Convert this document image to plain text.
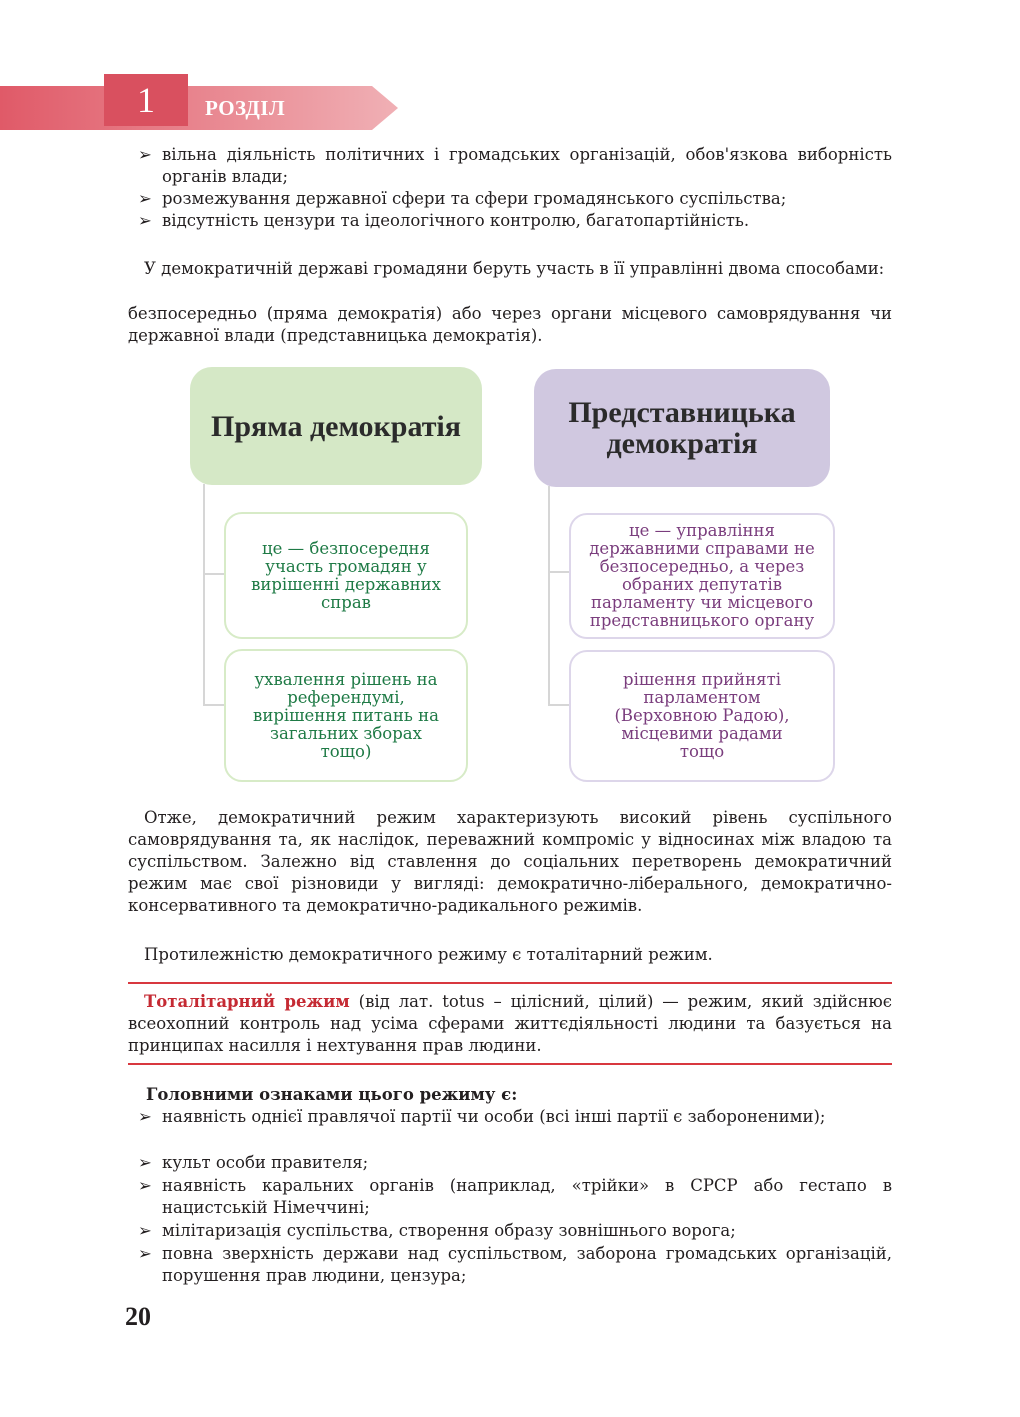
1	РОЗДІЛ
➢ вільна діяльність політичних і громадських організацій, обов'язкова виборність органів влади;
➢ розмежування державної сфери та сфери громадянського суспільства;
➢ відсутність цензури та ідеологічного контролю, багатопартійність.
У демократичній державі громадяни беруть участь в її управлінні двома способами:
безпосередньо (пряма демократія) або через органи місцевого самоврядування чи державної влади (представницька демократія).
Пряма демократія	Представницька демократія
це — безпосередня участь громадян у вирішенні державних справ
ухвалення рішень на референдумі, вирішення питань на загальних зборах тощо)
це — управління державними справами не безпосередньо, а через обраних депутатів парламенту чи місцевого представницького органу
рішення прийняті парламентом (Верховною Радою), місцевими радами тощо
Отже, демократичний режим характеризують високий рівень суспільного самоврядування та, як наслідок, переважний компроміс у відносинах між владою та суспільством. Залежно від ставлення до соціальних перетворень демократичний режим має свої різновиди у вигляді: демократично-ліберального, демократично-консервативного та демократично-радикального режимів.
Протилежністю демократичного режиму є тоталітарний режим.
Тоталітарний режим (від лат. totus – цілісний, цілий) — режим, який здійснює всеохопний контроль над усіма сферами життєдіяльності людини та базується на принципах насилля і нехтування прав людини.
Головними ознаками цього режиму є:
➢ наявність однієї правлячої партії чи особи (всі інші партії є забороненими);
➢ культ особи правителя;
➢ наявність каральних органів (наприклад, «трійки» в СРСР або гестапо в нацистській Німеччині;
➢ мілітаризація суспільства, створення образу зовнішнього ворога;
➢ повна зверхність держави над суспільством, заборона громадських організацій, порушення прав людини, цензура;
20
